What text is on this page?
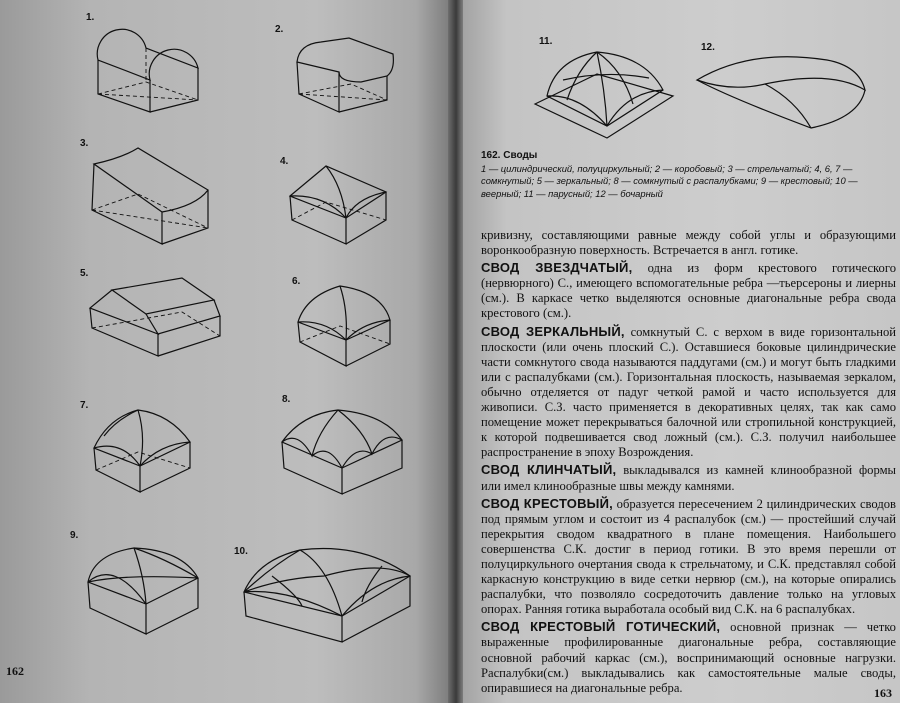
1.
2.
3.
4.
5.
6.
7.
8.
9.
10.
162
11.
12.
162. Своды
1 — цилиндрический, полуциркульный; 2 — коробовый; 3 — стрельчатый; 4, 6, 7 — сомкнутый; 5 — зеркальный; 8 — сомкнутый с распалубками; 9 — крестовый; 10 — веерный; 11 — парусный; 12 — бочарный

кривизну, составляющими равные между собой углы и образующими воронкообразную поверхность. Встречается в англ. готике.

СВОД ЗВЕЗДЧАТЫЙ, одна из форм крестового готического (нервюрного) С., имеющего вспомогательные ребра —тьерсероны и лиерны (см.). В каркасе четко выделяются основные диагональные ребра свода крестового (см.).

СВОД ЗЕРКАЛЬНЫЙ, сомкнутый С. с верхом в виде горизонтальной плоскости (или очень плоский С.). Оставшиеся боковые цилиндрические части сомкнутого свода называются паддугами (см.) и могут быть гладкими или с распалубками (см.). Горизонтальная плоскость, называемая зеркалом, обычно отделяется от падуг четкой рамой и часто используется для живописи. С.З. часто применяется в декоративных целях, так как само помещение может перекрываться балочной или стропильной конструкцией, к которой подвешивается свод ложный (см.). С.З. получил наибольшее распространение в эпоху Возрождения.

СВОД КЛИНЧАТЫЙ, выкладывался из камней клинообразной формы или имел клинообразные швы между камнями.

СВОД КРЕСТОВЫЙ, образуется пересечением 2 цилиндрических сводов под прямым углом и состоит из 4 распалубок (см.) — простейший случай перекрытия сводом квадратного в плане помещения. Наибольшего совершенства С.К. достиг в период готики. В это время перешли от полуциркульного очертания свода к стрельчатому, и С.К. представлял собой каркасную конструкцию в виде сетки нервюр (см.), на которые опирались распалубки, что позволяло сосредоточить давление только на угловых опорах. Ранняя готика выработала особый вид С.К. на 6 распалубках.

СВОД КРЕСТОВЫЙ ГОТИЧЕСКИЙ, основной признак — четко выраженные профилированные диагональные ребра, составляющие основной рабочий каркас (см.), воспринимающий основные нагрузки. Распалубки(см.) выкладывались как самостоятельные малые своды, опиравшиеся на диагональные ребра.	163
